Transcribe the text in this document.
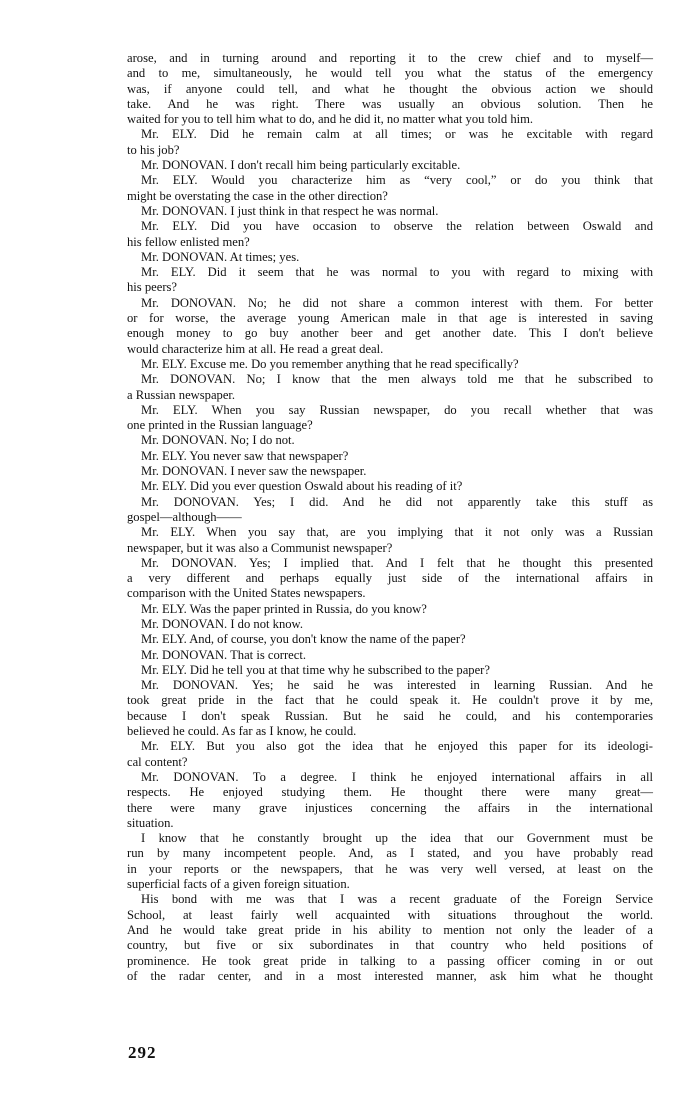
arose, and in turning around and reporting it to the crew chief and to myself—
and to me, simultaneously, he would tell you what the status of the emergency
was, if anyone could tell, and what he thought the obvious action we should
take. And he was right. There was usually an obvious solution. Then he
waited for you to tell him what to do, and he did it, no matter what you told him.
Mr. ELY. Did he remain calm at all times; or was he excitable with regard
to his job?
Mr. DONOVAN. I don't recall him being particularly excitable.
Mr. ELY. Would you characterize him as “very cool,” or do you think that
might be overstating the case in the other direction?
Mr. DONOVAN. I just think in that respect he was normal.
Mr. ELY. Did you have occasion to observe the relation between Oswald and
his fellow enlisted men?
Mr. DONOVAN. At times; yes.
Mr. ELY. Did it seem that he was normal to you with regard to mixing with
his peers?
Mr. DONOVAN. No; he did not share a common interest with them. For better
or for worse, the average young American male in that age is interested in saving
enough money to go buy another beer and get another date. This I don't believe
would characterize him at all. He read a great deal.
Mr. ELY. Excuse me. Do you remember anything that he read specifically?
Mr. DONOVAN. No; I know that the men always told me that he subscribed to
a Russian newspaper.
Mr. ELY. When you say Russian newspaper, do you recall whether that was
one printed in the Russian language?
Mr. DONOVAN. No; I do not.
Mr. ELY. You never saw that newspaper?
Mr. DONOVAN. I never saw the newspaper.
Mr. ELY. Did you ever question Oswald about his reading of it?
Mr. DONOVAN. Yes; I did. And he did not apparently take this stuff as
gospel—although——
Mr. ELY. When you say that, are you implying that it not only was a Russian
newspaper, but it was also a Communist newspaper?
Mr. DONOVAN. Yes; I implied that. And I felt that he thought this presented
a very different and perhaps equally just side of the international affairs in
comparison with the United States newspapers.
Mr. ELY. Was the paper printed in Russia, do you know?
Mr. DONOVAN. I do not know.
Mr. ELY. And, of course, you don't know the name of the paper?
Mr. DONOVAN. That is correct.
Mr. ELY. Did he tell you at that time why he subscribed to the paper?
Mr. DONOVAN. Yes; he said he was interested in learning Russian. And he
took great pride in the fact that he could speak it. He couldn't prove it by me,
because I don't speak Russian. But he said he could, and his contemporaries
believed he could. As far as I know, he could.
Mr. ELY. But you also got the idea that he enjoyed this paper for its ideologi-
cal content?
Mr. DONOVAN. To a degree. I think he enjoyed international affairs in all
respects. He enjoyed studying them. He thought there were many great—
there were many grave injustices concerning the affairs in the international
situation.
I know that he constantly brought up the idea that our Government must be
run by many incompetent people. And, as I stated, and you have probably read
in your reports or the newspapers, that he was very well versed, at least on the
superficial facts of a given foreign situation.
His bond with me was that I was a recent graduate of the Foreign Service
School, at least fairly well acquainted with situations throughout the world.
And he would take great pride in his ability to mention not only the leader of a
country, but five or six subordinates in that country who held positions of
prominence. He took great pride in talking to a passing officer coming in or out
of the radar center, and in a most interested manner, ask him what he thought
292
